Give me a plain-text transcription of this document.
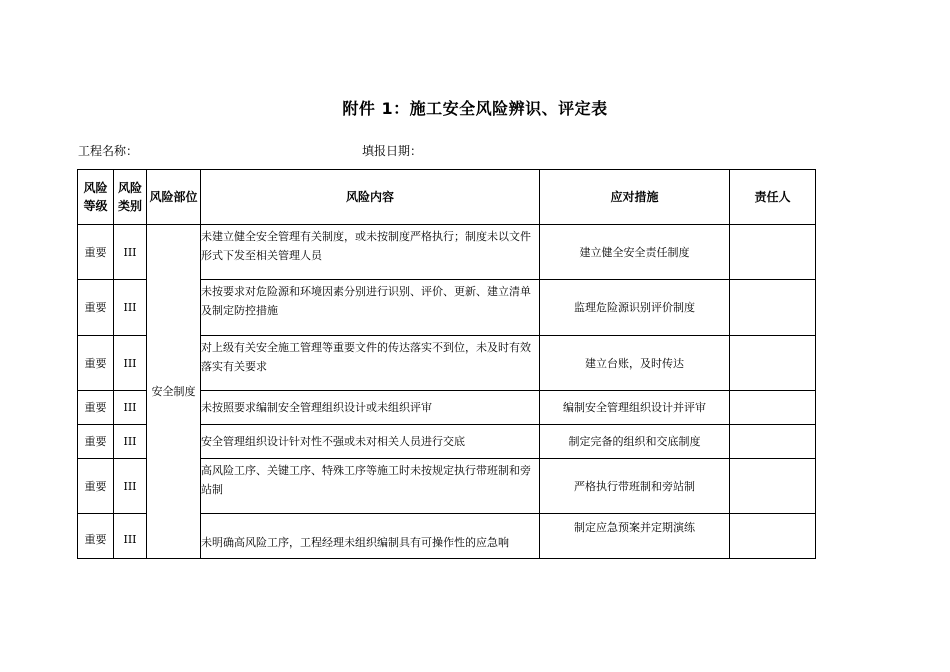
附件 1：施工安全风险辨识、评定表
工程名称：	填报日期：
风险等级	风险类别	风险部位	风险内容	应对措施	责任人
重要	III	安全制度	未建立健全安全管理有关制度，或未按制度严格执行；制度未以文件形式下发至相关管理人员	建立健全安全责任制度	
重要	III		未按要求对危险源和环境因素分别进行识别、评价、更新、建立清单及制定防控措施	监理危险源识别评价制度	
重要	III		对上级有关安全施工管理等重要文件的传达落实不到位，未及时有效落实有关要求	建立台账，及时传达	
重要	III		未按照要求编制安全管理组织设计或未组织评审	编制安全管理组织设计并评审	
重要	III		安全管理组织设计针对性不强或未对相关人员进行交底	制定完备的组织和交底制度	
重要	III		高风险工序、关键工序、特殊工序等施工时未按规定执行带班制和旁站制	严格执行带班制和旁站制	
重要	III		未明确高风险工序，工程经理未组织编制具有可操作性的应急响	制定应急预案并定期演练	
